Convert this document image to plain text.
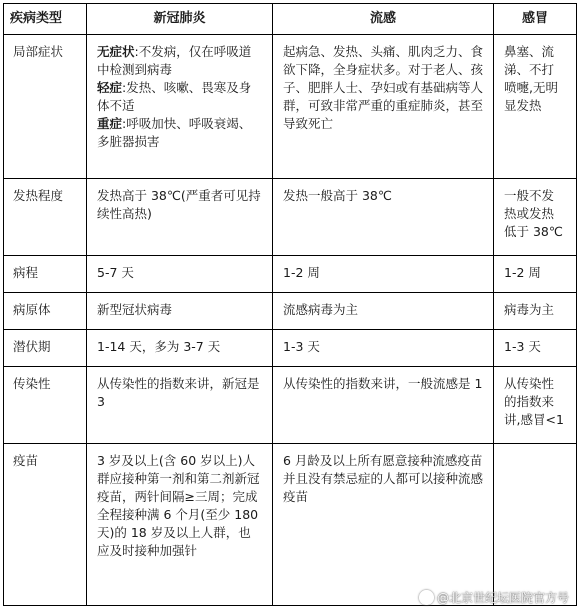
疾病类型	新冠肺炎	流感	感冒
局部症状	无症状:不发病，仅在呼吸道中检测到病毒
轻症:发热、咳嗽、畏寒及身体不适
重症:呼吸加快、呼吸衰竭、多脏器损害	起病急、发热、头痛、肌肉乏力、食欲下降，全身症状多。对于老人、孩子、肥胖人士、孕妇或有基础病等人群，可致非常严重的重症肺炎，甚至导致死亡	鼻塞、流涕、不打喷嚏,无明显发热
发热程度	发热高于 38℃(严重者可见持续性高热)	发热一般高于 38℃	一般不发热或发热低于 38℃
病程	5-7 天	1-2 周	1-2 周
病原体	新型冠状病毒	流感病毒为主	病毒为主
潜伏期	1-14 天，多为 3-7 天	1-3 天	1-3 天
传染性	从传染性的指数来讲，新冠是 3	从传染性的指数来讲，一般流感是 1	从传染性的指数来讲,感冒<1
疫苗	3 岁及以上(含 60 岁以上)人群应接种第一剂和第二剂新冠疫苗，两针间隔≥三周；完成全程接种满 6 个月(至少 180 天)的 18 岁及以上人群，也应及时接种加强针	6 月龄及以上所有愿意接种流感疫苗并且没有禁忌症的人都可以接种流感疫苗	
@北京世纪坛医院官方号
